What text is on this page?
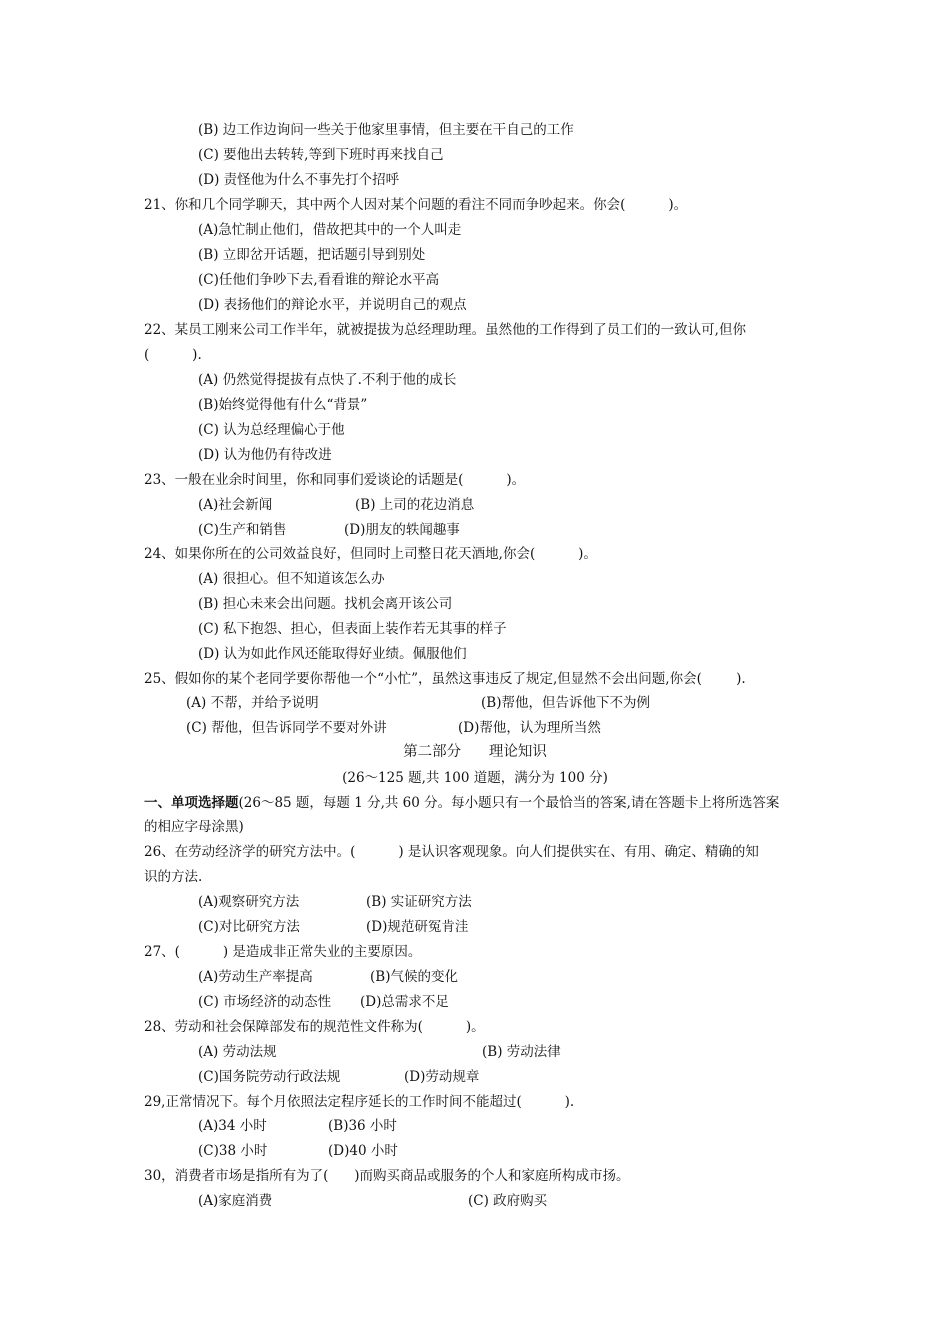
(B) 边工作边询问一些关于他家里事情，但主要在干自己的工作
(C) 要他出去转转,等到下班时再来找自己
(D) 责怪他为什么不事先打个招呼
21、你和几个同学聊天，其中两个人因对某个问题的看注不同而争吵起来。你会(          )。
(A)急忙制止他们，借故把其中的一个人叫走
(B) 立即岔开话题，把话题引导到别处
(C)任他们争吵下去,看看谁的辩论水平高
(D) 表扬他们的辩论水平，并说明自己的观点
22、某员工刚来公司工作半年，就被提拔为总经理助理。虽然他的工作得到了员工们的一致认可,但你
(          ).
(A) 仍然觉得提拔有点快了.不利于他的成长
(B)始终觉得他有什么“背景”
(C) 认为总经理偏心于他
(D) 认为他仍有待改进
23、一般在业余时间里，你和同事们爱谈论的话题是(          )。
(A)社会新闻	(B) 上司的花边消息
(C)生产和销售	(D)朋友的轶闻趣事
24、如果你所在的公司效益良好，但同时上司整日花天酒地,你会(          )。
(A) 很担心。但不知道该怎么办
(B) 担心未来会出问题。找机会离开该公司
(C) 私下抱怨、担心，但表面上装作若无其事的样子
(D) 认为如此作风还能取得好业绩。佩服他们
25、假如你的某个老同学要你帮他一个“小忙”，虽然这事违反了规定,但显然不会出问题,你会(        ).
(A) 不帮，并给予说明	(B)帮他，但告诉他下不为例
(C) 帮他，但告诉同学不要对外讲	(D)帮他，认为理所当然
第二部分      理论知识
(26～125 题,共 100 道题，满分为 100 分)
一、单项选择题(26～85 题，每题 1 分,共 60 分。每小题只有一个最恰当的答案,请在答题卡上将所选答案
的相应字母涂黑)
26、在劳动经济学的研究方法中。(          ) 是认识客观现象。向人们提供实在、有用、确定、精确的知
识的方法.
(A)观察研究方法	(B) 实证研究方法
(C)对比研究方法	(D)规范研冤肯洼
27、(          ) 是造成非正常失业的主要原因。
(A)劳动生产率提高	(B)气候的变化
(C) 市场经济的动态性 (D)总需求不足
28、劳动和社会保障部发布的规范性文件称为(          )。
(A) 劳动法规	(B) 劳动法律
(C)国务院劳动行政法规	(D)劳动规章
29,正常情况下。每个月依照法定程序延长的工作时间不能超过(          ).
(A)34 小时	(B)36 小时
(C)38 小时	(D)40 小时
30，消费者市场是指所有为了(      )而购买商品或服务的个人和家庭所构成市扬。
(A)家庭消费	(C) 政府购买
